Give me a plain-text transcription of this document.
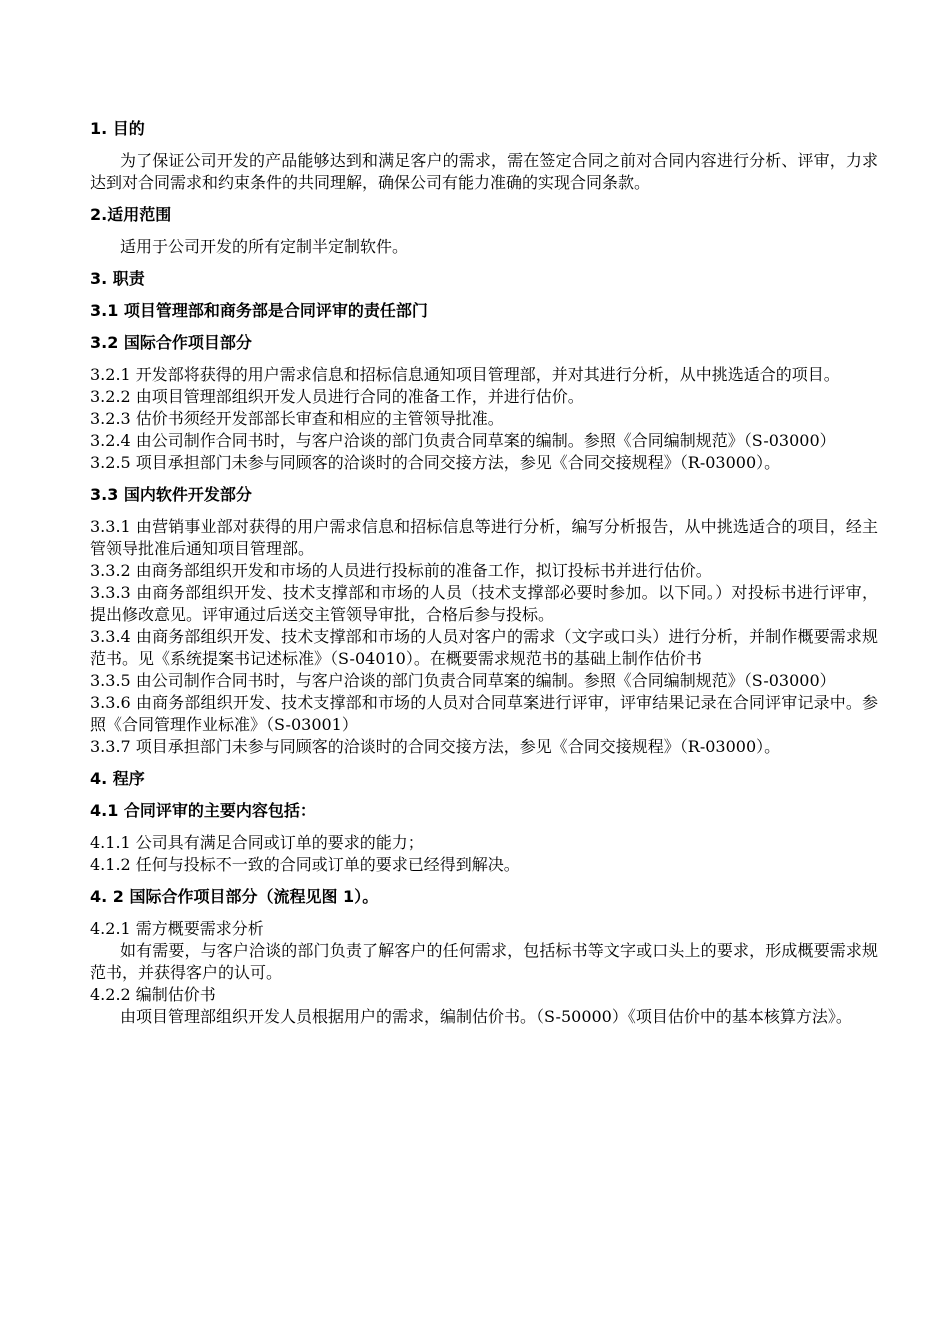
1. 目的

为了保证公司开发的产品能够达到和满足客户的需求，需在签定合同之前对合同内容进行分析、评审，力求达到对合同需求和约束条件的共同理解，确保公司有能力准确的实现合同条款。

2.适用范围

适用于公司开发的所有定制半定制软件。

3. 职责
3.1 项目管理部和商务部是合同评审的责任部门
3.2 国际合作项目部分

3.2.1 开发部将获得的用户需求信息和招标信息通知项目管理部，并对其进行分析，从中挑选适合的项目。

3.2.2 由项目管理部组织开发人员进行合同的准备工作，并进行估价。

3.2.3 估价书须经开发部部长审查和相应的主管领导批准。

3.2.4 由公司制作合同书时，与客户洽谈的部门负责合同草案的编制。参照《合同编制规范》（S-03000）

3.2.5 项目承担部门未参与同顾客的洽谈时的合同交接方法，参见《合同交接规程》（R-03000）。

3.3 国内软件开发部分

3.3.1 由营销事业部对获得的用户需求信息和招标信息等进行分析，编写分析报告，从中挑选适合的项目，经主管领导批准后通知项目管理部。

3.3.2 由商务部组织开发和市场的人员进行投标前的准备工作，拟订投标书并进行估价。

3.3.3 由商务部组织开发、技术支撑部和市场的人员（技术支撑部必要时参加。以下同。）对投标书进行评审，提出修改意见。评审通过后送交主管领导审批，合格后参与投标。

3.3.4 由商务部组织开发、技术支撑部和市场的人员对客户的需求（文字或口头）进行分析，并制作概要需求规范书。见《系统提案书记述标准》（S-04010）。在概要需求规范书的基础上制作估价书

3.3.5 由公司制作合同书时，与客户洽谈的部门负责合同草案的编制。参照《合同编制规范》（S-03000）

3.3.6 由商务部组织开发、技术支撑部和市场的人员对合同草案进行评审，评审结果记录在合同评审记录中。参照《合同管理作业标准》（S-03001）

3.3.7 项目承担部门未参与同顾客的洽谈时的合同交接方法，参见《合同交接规程》（R-03000）。

4. 程序
4.1 合同评审的主要内容包括：

4.1.1 公司具有满足合同或订单的要求的能力；

4.1.2 任何与投标不一致的合同或订单的要求已经得到解决。

4. 2 国际合作项目部分（流程见图 1）。

4.2.1 需方概要需求分析

如有需要，与客户洽谈的部门负责了解客户的任何需求，包括标书等文字或口头上的要求，形成概要需求规范书，并获得客户的认可。

4.2.2 编制估价书

由项目管理部组织开发人员根据用户的需求，编制估价书。（S-50000）《项目估价中的基本核算方法》。
